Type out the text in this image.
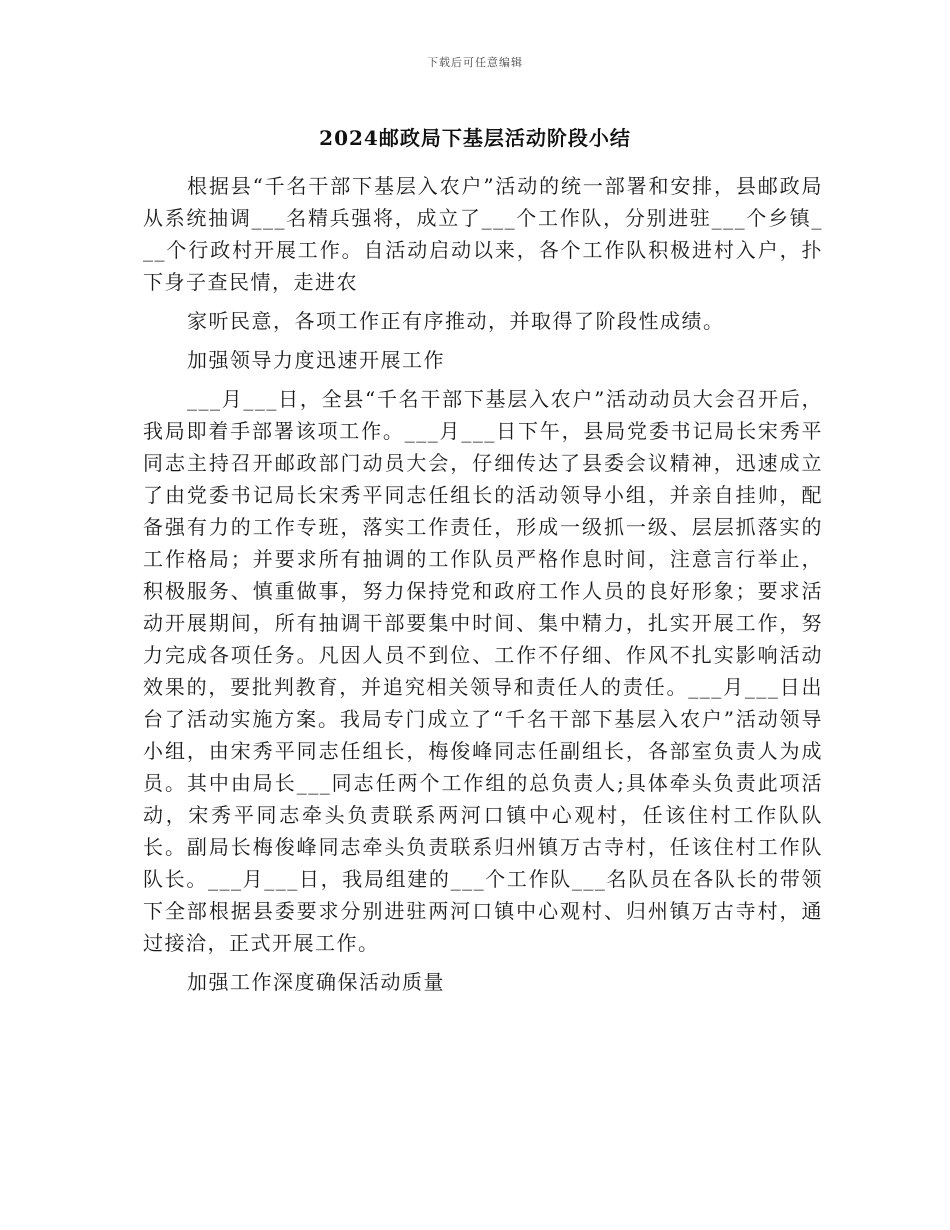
下载后可任意编辑
2024邮政局下基层活动阶段小结

根据县“千名干部下基层入农户”活动的统一部署和安排，县邮政局从系统抽调___名精兵强将，成立了___个工作队，分别进驻___个乡镇___个行政村开展工作。自活动启动以来，各个工作队积极进村入户，扑下身子查民情，走进农

家听民意，各项工作正有序推动，并取得了阶段性成绩。

加强领导力度迅速开展工作

___月___日，全县“千名干部下基层入农户”活动动员大会召开后，我局即着手部署该项工作。___月___日下午，县局党委书记局长宋秀平同志主持召开邮政部门动员大会，仔细传达了县委会议精神，迅速成立了由党委书记局长宋秀平同志任组长的活动领导小组，并亲自挂帅，配备强有力的工作专班，落实工作责任，形成一级抓一级、层层抓落实的工作格局；并要求所有抽调的工作队员严格作息时间，注意言行举止，积极服务、慎重做事，努力保持党和政府工作人员的良好形象；要求活动开展期间，所有抽调干部要集中时间、集中精力，扎实开展工作，努力完成各项任务。凡因人员不到位、工作不仔细、作风不扎实影响活动效果的，要批判教育，并追究相关领导和责任人的责任。___月___日出台了活动实施方案。我局专门成立了“千名干部下基层入农户”活动领导小组，由宋秀平同志任组长，梅俊峰同志任副组长，各部室负责人为成员。其中由局长___同志任两个工作组的总负责人;具体牵头负责此项活动，宋秀平同志牵头负责联系两河口镇中心观村，任该住村工作队队长。副局长梅俊峰同志牵头负责联系归州镇万古寺村，任该住村工作队队长。___月___日，我局组建的___个工作队___名队员在各队长的带领下全部根据县委要求分别进驻两河口镇中心观村、归州镇万古寺村，通过接洽，正式开展工作。

加强工作深度确保活动质量
